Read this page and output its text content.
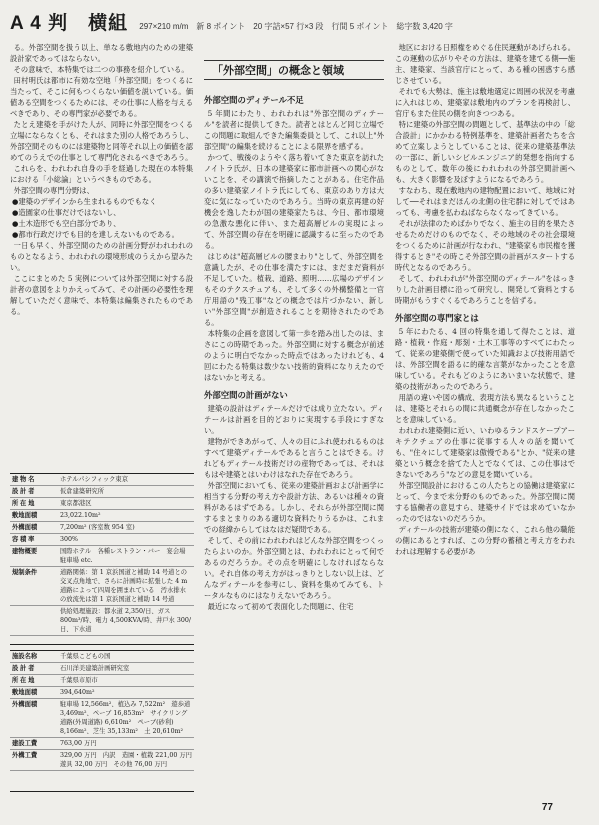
A 4 判　横組 297×210 m/m　新 8 ポイント　20 字詰×57 行×3 段　行間 5 ポイント　総字数 3,420 字

る。外部空間を扱う以上、単なる敷地内のための建築設計家であってはならない。

その意味で、本特集では二つの事務を紹介している。

田村明氏は都市に有効な空地「外部空間」をつくるに当たって、そこに何もつくらない価値を説いている。価値ある空間をつくるためには、その仕事に人格を与えるべきであり、その専門家が必要である。

たとえ建築を手がけた人が、同時に外部空間をつくる立場にならなくとも、それはまた別の人格であろうし、外部空間そのものには建築物と同等それ以上の価値を認めてのうえでの仕事として専門化されるべきであろう。

これらを、われわれ自身の手を経過した現在の本特集における「小総論」というべきものである。

外部空間の専門分野は、

●建築のデザインから生まれるものでもなく

●造園家の仕事だけではないし、

●土木造形でも空白部分であり、

●都市行政だけでも目的を達しえないものである。

一日も早く、外部空間のための計画分野がわれわれのものとなるよう、われわれの環境形成のうえから望みたい。

ここにまとめた 5 実例については外部空間に対する設計者の意図をよりかえってみて、その計画の必要性を理解していただく意味で、本特集は編集されたものである。

「外部空間」の概念と領域
外部空間のディテール不足

5 年間にわたり、われわれは"外部空間のディテール"を読者に提供してきた。読者とはとんど同じ立場でこの問題に取組んできた編集委員として、これ以上"外部空間"の編集を続けることによる限界を感ずる。

かつて、戦後のようやく落ち着いてきた東京を訪れたノイトラ氏が、日本の建築家に都市計画への関心がないことを、その講演で指摘したことがある。住宅作品の多い建築家ノイトラ氏にしても、東京のあり方は大変に気になっていたのであろう。当時の東京再建の好機会を逸したわが国の建築家たちは、今日、都市環境の急激な悪化に伴い、また超高層ビルの実現によって、外部空間の存在を明確に認識するに至ったのである。

はじめは"超高層ビルの腰まわり"として、外部空間を意識したが、その仕事を満たすには、まだまだ資料が不足していた。植栽、道路、照明……広場のデザインもそのテクスチュアも、そして多くの外構整備と一官庁用語の"残工事"などの概念では片づかない、新しい"外部空間"が創造されることを期待されたのである。

本特集の企画を意図して第一歩を踏み出したのは、まさにこの時期であった。外部空間に対する概念が前述のように明白でなかった時点ではあったけれども、4 回にわたる特集は数少ない技術的資料になりえたのではないかと考える。

外部空間の計画がない

建築の設計はディテールだけでは成り立たない。ディテールは計画を目的どおりに実現する手段にすぎない。

建物ができあがって、人々の目にふれ使われるものはすべて建築ディテールであると言うことはできる。けれどもディテール技術だけの産物であっては、それはもはや建築とはいわけはなれた存在であろう。

外部空間においても、従来の建築計画および計画学に相当する分野の考え方や設計方法、あるいは種々の資料があるはずである。しかし、それらが外部空間に関するまとまりのある適切な資料たりうるかは、これまでの経緯からしてはなはだ疑問である。

そして、その前にわれわれはどんな外部空間をつくったらよいのか。外部空間とは、われわれにとって何であるのだろうか。その点を明確にしなければならない。それ自体の考え方がはっきりとしない以上は、どんなディテールを参考にし、資料を集めてみても、トータルなものにはなりえないであろう。

最近になって初めて表面化した問題に、住宅

地区における日照権をめぐる住民運動があげられる。この運動の広がりやその方法は、建築を建てる側──施主、建築家、当該官庁にとって、ある種の困惑すら感じさせている。

それでも大勢は、施主は敷地選定に周囲の状況を考慮に入れはじめ、建築家は敷地内のプランを再検討し、官庁もまた住民の側を向きつつある。

特に建築の外部空間の問題として、基準法の中の「総合設計」にかかわる特例基準を、建築計画者たちを含めて立案しようとしていることは、従来の建築基準法の一部に、新しいシビルエンジニア的発想を指向するものとして、数年の後にわれわれの外部空間計画へも、大きく影響を及ぼすようになるであろう。

すなわち、現在敷地内の建物配置において、地域に対して──それはまだほんの北側の住宅群に対してではあっても、考慮を払わねばならなくなってきている。

それが法律のためばかりでなく、施主の目的を果たさせるためだけのものでなく、その地域のその社会環境をつくるために計画が行なわれ、"建築家も市民権を獲得するとき"その時こそ外部空間の計画がスタートする時代となるのであろう。

そして、われわれが"外部空間のディテール"をはっきりした計画目標に沿って研究し、開発して資料とする時期がもうすぐくるであろうことを信ずる。

外部空間の専門家とは

5 年にわたる、4 回の特集を通して得たことは、道路・植栽・作庭・彫刻・土木工事等のすべてにわたって、従来の建築側で使っていた知識および技術用語では、外部空間を語るに的確な言葉がなかったことを意味している。それもどのようにあいまいな状態で、建築の技術があったのであろう。

用語の違いや図の構成、表現方法も異なるということは、建築とそれらの間に共通概念が存在しなかったことを意味している。

われわれ建築側に近い、いわゆるランドスケープアーキテクチュアの仕事に従事する人々の話を聞いても、"住々にして建築家は傲慢である"とか、"従来の建築という概念を捨てた人とでなくては、この仕事はできないであろう"などの意見を聞いている。

外部空間設計におけるこの人たちとの協働は建築家にとって、今まで未分野のものであった。外部空間に関する協働者の意見すら、建築サイドでは求めていなかったのではないのだろうか。

ディテールの技術が建築の側になく、これら他の職能の側にあるとすれば、この分野の蓄積と考え方をわれわれは理解する必要があ

建 物 名	ホテルパシフィック東京
設 計 者	仮倉建築研究所
所 在 地	東京都港区
敷地面積	23,022.10m²
外構面積	7,200m² (客室数 954 室)
容 積 率	300%
建物概要	国際ホテル　各種レストラン・バー　宴会場　駐車場 etc.
規制条件	道路関係：第 1 京浜国道と補助 14 号道との交叉点角地で、さらに計画時に拡張した 4 m 道路によって四周を囲まれている　汚水排水の放流先は第 1 京浜国道と補助 14 号道
	供給処理施設：都水道 2,350/日、ガス 800m³/時、電力 4,500KVA/時、井戸水 300/日、下水道
施設名称	千葉県こどもの国
設 計 者	石川洋美建築計画研究室
所 在 地	千葉県市原市
敷地面積	394,640m²
外構面積	駐車場 12,566m²、植込み 7,522m²　遊歩道 3,469m²、ペーブ 16,853m²　サイクリング道路(外周道路) 6,610m²　ペーブ(砂利) 8,166m²、芝生 35,133m²　土 20,610m²
建設工費	763,00 万円
外構工費	329,00 万円　内訳　造園・植栽 221,00 万円　遊具 32,00 万円　その他 76,00 万円
77
